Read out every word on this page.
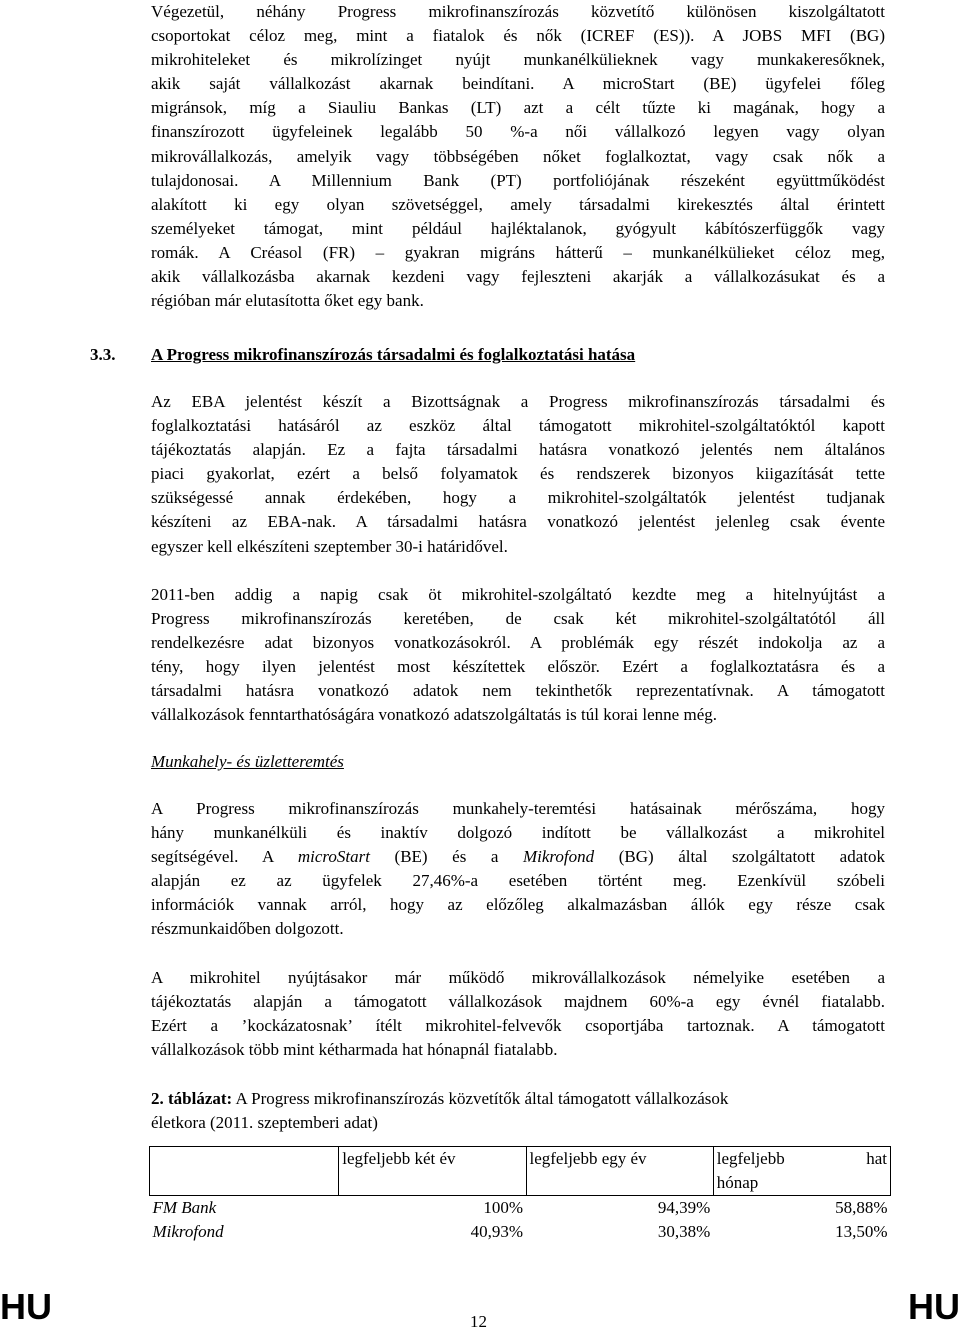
Végezetül, néhány Progress mikrofinanszírozás közvetítő különösen kiszolgáltatott
csoportokat céloz meg, mint a fiatalok és nők (ICREF (ES)). A JOBS MFI (BG)
mikrohiteleket és mikrolízinget nyújt munkanélkülieknek vagy munkakeresőknek,
akik saját vállalkozást akarnak beindítani. A microStart (BE) ügyfelei főleg
migránsok, míg a Siauliu Bankas (LT) azt a célt tűzte ki magának, hogy a
finanszírozott ügyfeleinek legalább 50 %-a női vállalkozó legyen vagy olyan
mikrovállalkozás, amelyik vagy többségében nőket foglalkoztat, vagy csak nők a
tulajdonosai. A Millennium Bank (PT) portfoliójának részeként együttműködést
alakított ki egy olyan szövetséggel, amely társadalmi kirekesztés által érintett
személyeket támogat, mint például hajléktalanok, gyógyult kábítószerfüggők vagy
romák. A Créasol (FR) – gyakran migráns hátterű – munkanélkülieket céloz meg,
akik vállalkozásba akarnak kezdeni vagy fejleszteni akarják a vállalkozásukat és a
régióban már elutasította őket egy bank.
3.3. A Progress mikrofinanszírozás társadalmi és foglalkoztatási hatása
Az EBA jelentést készít a Bizottságnak a Progress mikrofinanszírozás társadalmi és
foglalkoztatási hatásáról az eszköz által támogatott mikrohitel-szolgáltatóktól kapott
tájékoztatás alapján. Ez a fajta társadalmi hatásra vonatkozó jelentés nem általános
piaci gyakorlat, ezért a belső folyamatok és rendszerek bizonyos kiigazítását tette
szükségessé annak érdekében, hogy a mikrohitel-szolgáltatók jelentést tudjanak
készíteni az EBA-nak. A társadalmi hatásra vonatkozó jelentést jelenleg csak évente
egyszer kell elkészíteni szeptember 30-i határidővel.
2011-ben addig a napig csak öt mikrohitel-szolgáltató kezdte meg a hitelnyújtást a
Progress mikrofinanszírozás keretében, de csak két mikrohitel-szolgáltatótól áll
rendelkezésre adat bizonyos vonatkozásokról. A problémák egy részét indokolja az a
tény, hogy ilyen jelentést most készítettek először. Ezért a foglalkoztatásra és a
társadalmi hatásra vonatkozó adatok nem tekinthetők reprezentatívnak. A támogatott
vállalkozások fenntarthatóságára vonatkozó adatszolgáltatás is túl korai lenne még.
Munkahely- és üzletteremtés
A Progress mikrofinanszírozás munkahely-teremtési hatásainak mérőszáma, hogy
hány munkanélküli és inaktív dolgozó indított be vállalkozást a mikrohitel
segítségével. A microStart (BE) és a Mikrofond (BG) által szolgáltatott adatok
alapján ez az ügyfelek 27,46%-a esetében történt meg. Ezenkívül szóbeli
információk vannak arról, hogy az előzőleg alkalmazásban állók egy része csak
részmunkaidőben dolgozott.
A mikrohitel nyújtásakor már működő mikrovállalkozások némelyike esetében a
tájékoztatás alapján a támogatott vállalkozások majdnem 60%-a egy évnél fiatalabb.
Ezért a ’kockázatosnak’ ítélt mikrohitel-felvevők csoportjába tartoznak. A támogatott
vállalkozások több mint kétharmada hat hónapnál fiatalabb.
2. táblázat: A Progress mikrofinanszírozás közvetítők által támogatott vállalkozások
életkora (2011. szeptemberi adat)
	legfeljebb két év	legfeljebb egy év	legfeljebb hat
hónap

FM Bank	100%	94,39%	58,88%
Mikrofond	40,93%	30,38%	13,50%
HU	12	HU
